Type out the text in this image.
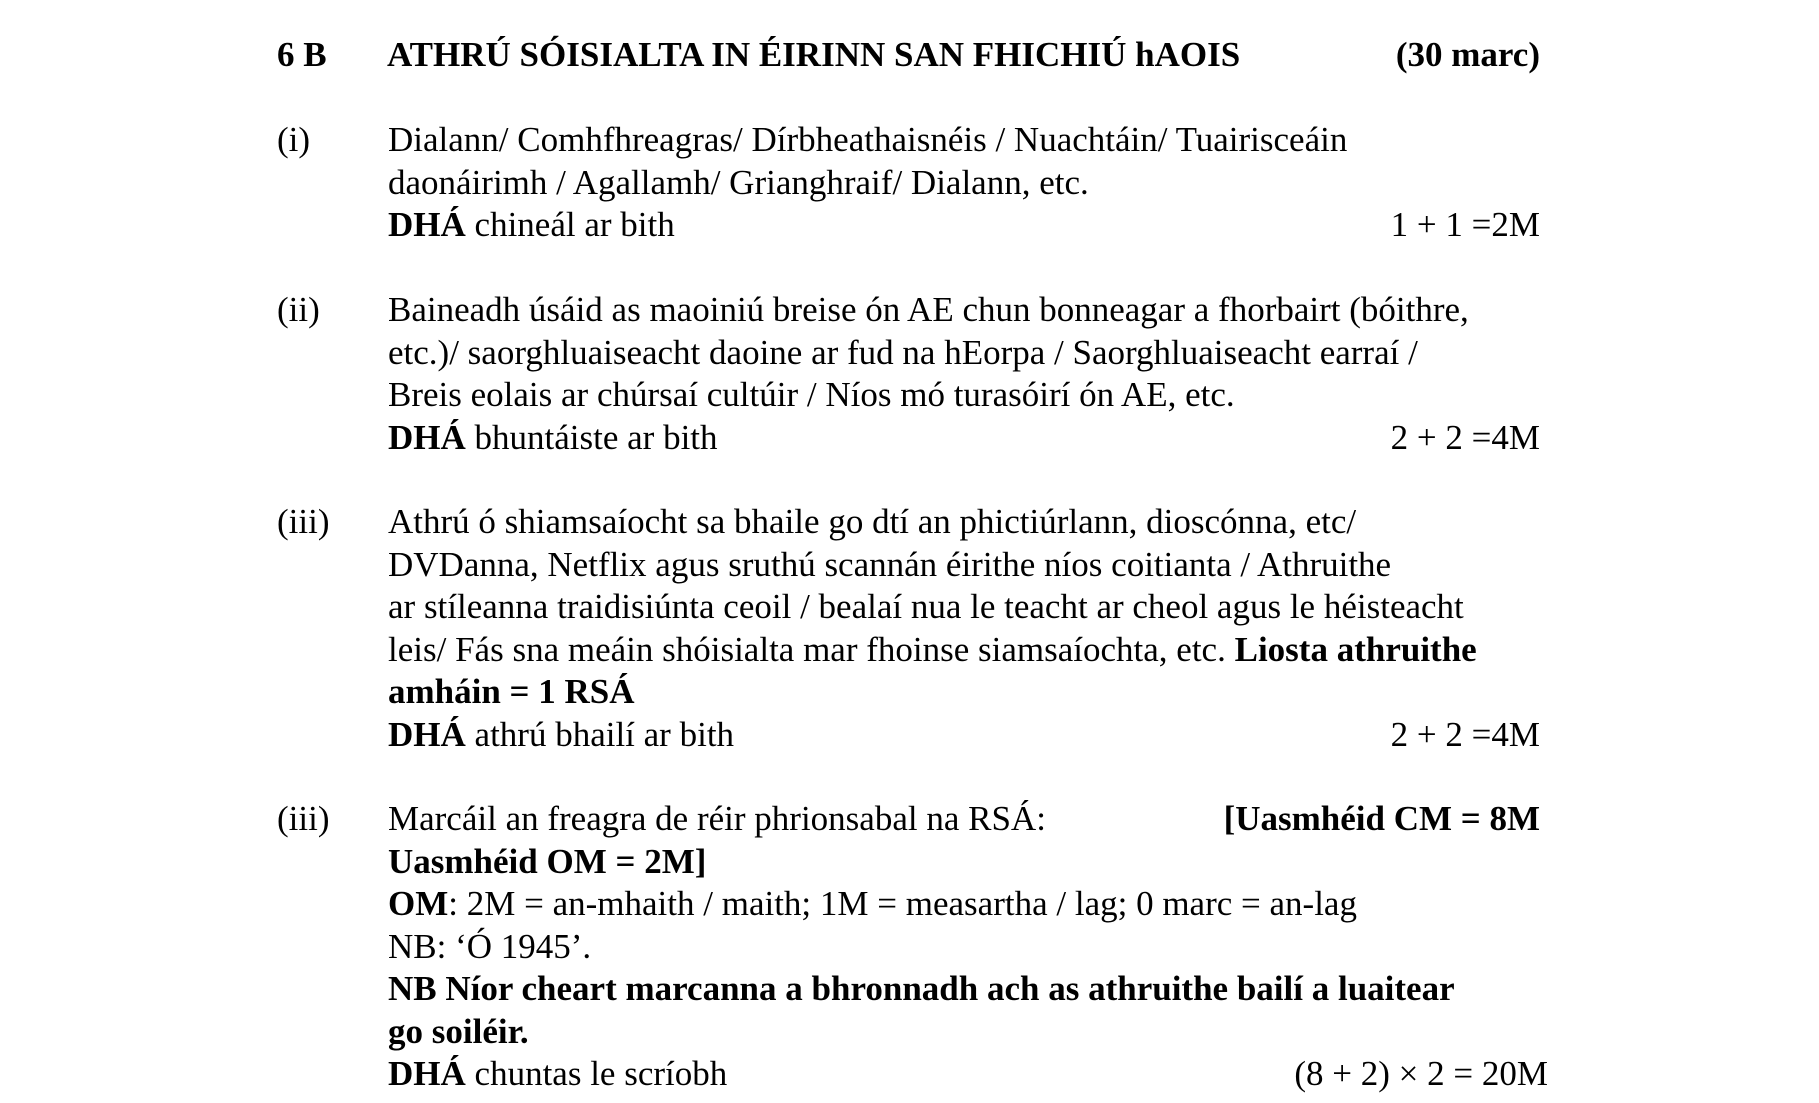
6 B ATHRÚ SÓISIALTA IN ÉIRINN SAN FHICHIÚ hAOIS	(30 marc)
(i) Dialann/ Comhfhreagras/ Dírbheathaisnéis / Nuachtáin/ Tuairisceáin
daonáirimh / Agallamh/ Grianghraif/ Dialann, etc.
DHÁ chineál ar bith	1 + 1 =2M
(ii) Baineadh úsáid as maoiniú breise ón AE chun bonneagar a fhorbairt (bóithre,
etc.)/ saorghluaiseacht daoine ar fud na hEorpa / Saorghluaiseacht earraí /
Breis eolais ar chúrsaí cultúir / Níos mó turasóirí ón AE, etc.
DHÁ bhuntáiste ar bith	2 + 2 =4M
(iii) Athrú ó shiamsaíocht sa bhaile go dtí an phictiúrlann, dioscónna, etc/
DVDanna, Netflix agus sruthú scannán éirithe níos coitianta / Athruithe
ar stíleanna traidisiúnta ceoil / bealaí nua le teacht ar cheol agus le héisteacht
leis/ Fás sna meáin shóisialta mar fhoinse siamsaíochta, etc. Liosta athruithe
amháin = 1 RSÁ
DHÁ athrú bhailí ar bith	2 + 2 =4M
(iii) Marcáil an freagra de réir phrionsabal na RSÁ:	[Uasmhéid CM = 8M
Uasmhéid OM = 2M]
OM: 2M = an-mhaith / maith; 1M = measartha / lag; 0 marc = an-lag
NB: ‘Ó 1945’.
NB Níor cheart marcanna a bhronnadh ach as athruithe bailí a luaitear
go soiléir.
DHÁ chuntas le scríobh	(8 + 2) × 2 = 20M
